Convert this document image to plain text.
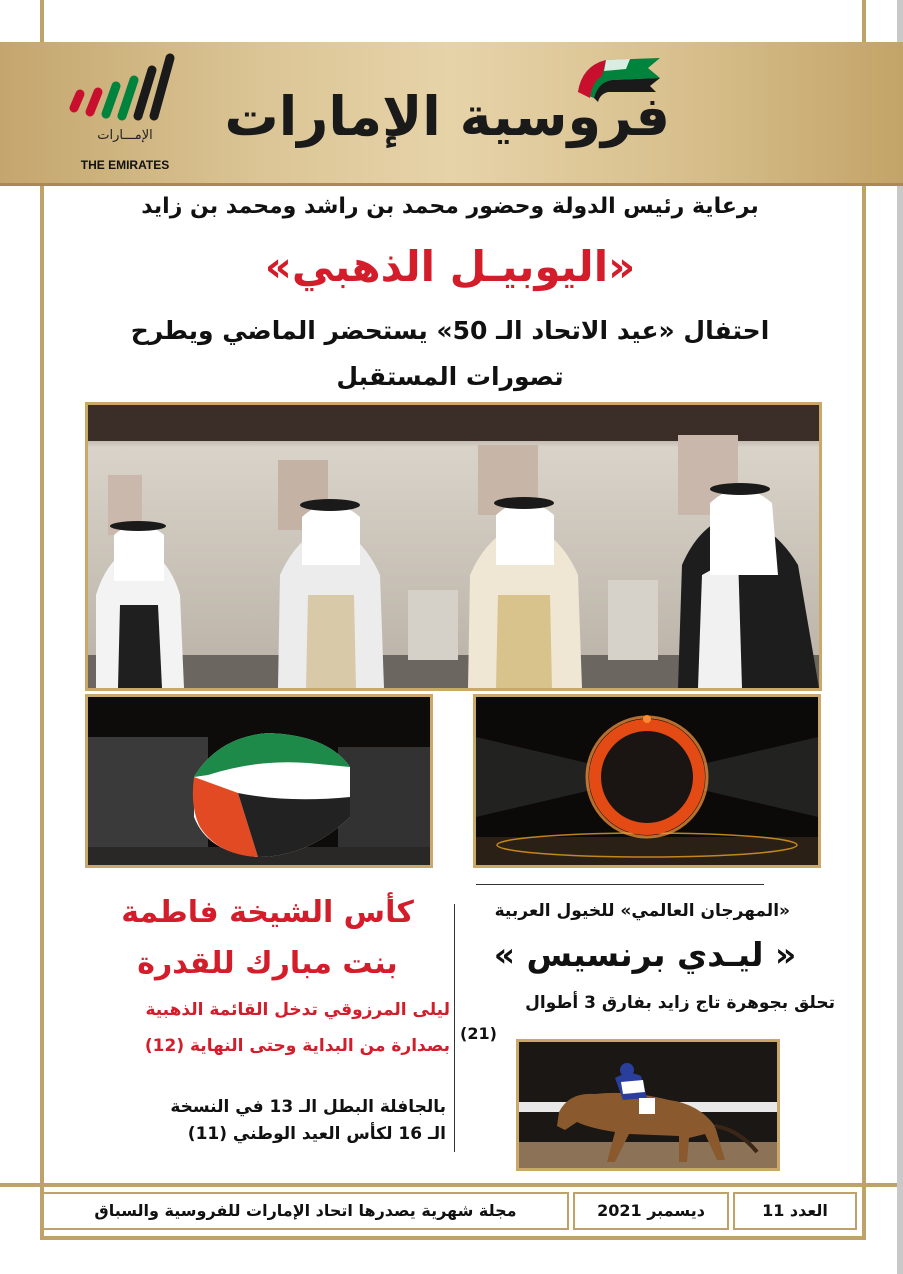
الإمـــارات
THE EMIRATES
فروسية الإمارات
برعاية رئيس الدولة وحضور محمد بن راشد ومحمد بن زايد
«اليوبيـل الذهبي»
احتفال «عيد الاتحاد الـ 50» يستحضر الماضي ويطرح
تصورات المستقبل
«المهرجان العالمي» للخيول العربية
« ليـدي برنسيس »
تحلق بجوهرة تاج زايد بفارق 3 أطوال
(21)
كأس الشيخة فاطمة
بنت مبارك للقدرة
ليلى المرزوقي تدخل القائمة الذهبية
بصدارة من البداية وحتى النهاية (12)
بالجافلة البطل الـ 13 في النسخة
الـ 16 لكأس العيد الوطني (11)
العدد 11
ديسمبر 2021
مجلة شهرية يصدرها اتحاد الإمارات للفروسية والسباق
